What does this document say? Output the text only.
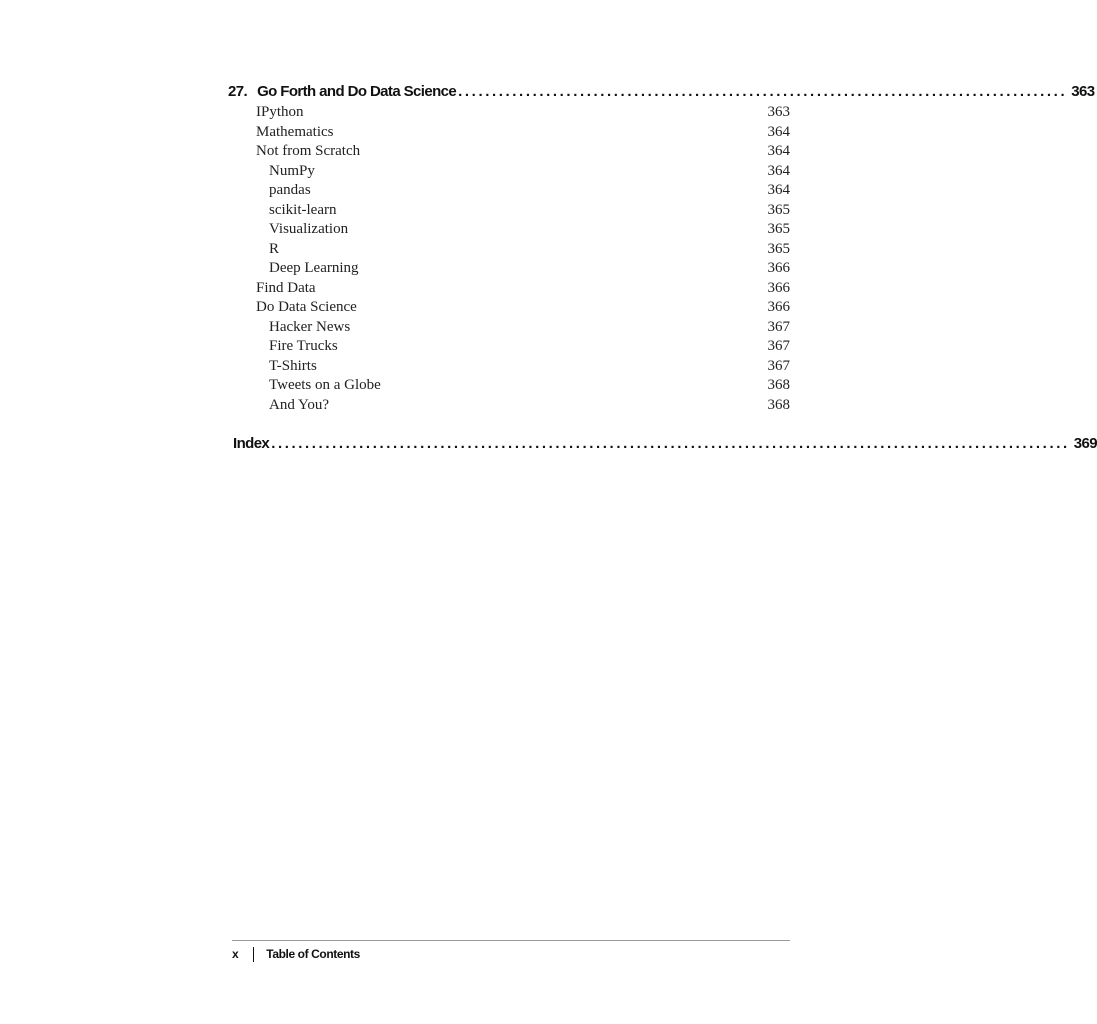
27. Go Forth and Do Data Science .......................................................................................... 363
IPython	363
Mathematics	364
Not from Scratch	364
NumPy	364
pandas	364
scikit-learn	365
Visualization	365
R	365
Deep Learning	366
Find Data	366
Do Data Science	366
Hacker News	367
Fire Trucks	367
T-Shirts	367
Tweets on a Globe	368
And You?	368
Index ...................................................................................................................... 369
x Table of Contents
